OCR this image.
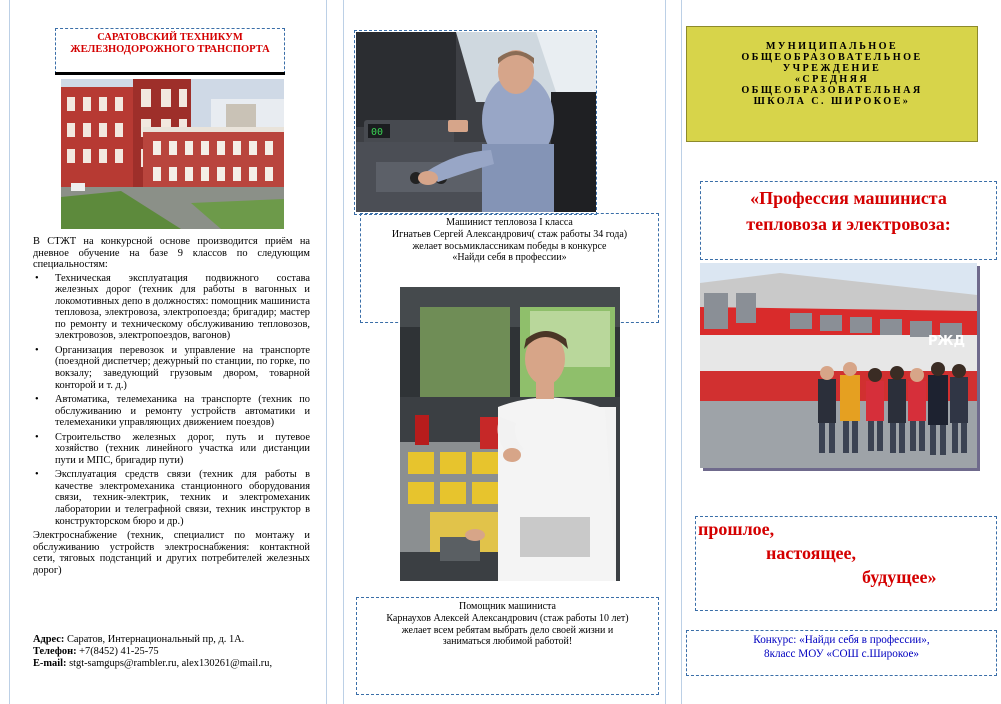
САРАТОВСКИЙ ТЕХНИКУМ
ЖЕЛЕЗНОДОРОЖНОГО ТРАНСПОРТА

В СТЖТ на конкурсной основе производится приём на дневное обучение на базе 9 классов по следующим специальностям:

• Техническая эксплуатация подвижного состава железных дорог (техник для работы в вагонных и локомотивных депо в должностях: помощник машиниста тепловоза, электровоза, электропоезда; бригадир; мастер по ремонту и техническому обслуживанию тепловозов, электровозов, электропоездов, вагонов)
• Организация перевозок и управление на транспорте (поездной диспетчер; дежурный по станции, по горке, по вокзалу; заведующий грузовым двором, товарной конторой и т. д.)
• Автоматика, телемеханика на транспорте (техник по обслуживанию и ремонту устройств автоматики и телемеханики управляющих движением поездов)
• Строительство железных дорог, путь и путевое хозяйство (техник линейного участка или дистанции пути и МПС, бригадир пути)
• Эксплуатация средств связи (техник для работы в качестве электромеханика станционного оборудования связи, техник-электрик, техник и электромеханик лаборатории и телеграфной связи, техник инструктор в конструкторском бюро и др.)

Электроснабжение (техник, специалист по монтажу и обслуживанию устройств электроснабжения: контактной сети, тяговых подстанций и других потребителей железных дорог)

Адрес: Саратов, Интернациональный пр, д. 1А.
Телефон: +7(8452) 41-25-75
E-mail: stgt-samgups@rambler.ru, alex130261@mail.ru,
00
Машинист тепловоза I класса
Игнатьев Сергей Александрович( стаж работы 34 года)
желает восьмиклассникам победы в конкурсе
«Найди себя в профессии»
Помощник машиниста
Карнаухов Алексей Александрович (стаж работы 10 лет)
желает всем ребятам выбрать дело своей жизни и
заниматься любимой работой!
МУНИЦИПАЛЬНОЕ
ОБЩЕОБРАЗОВАТЕЛЬНОЕ
УЧРЕЖДЕНИЕ
«СРЕДНЯЯ
ОБЩЕОБРАЗОВАТЕЛЬНАЯ
ШКОЛА С. ШИРОКОЕ»
«Профессия машиниста
тепловоза и электровоза:
РЖД
прошлое,
настоящее,
будущее»
Конкурс: «Найди себя в профессии»,
8класс МОУ «СОШ с.Широкое»
